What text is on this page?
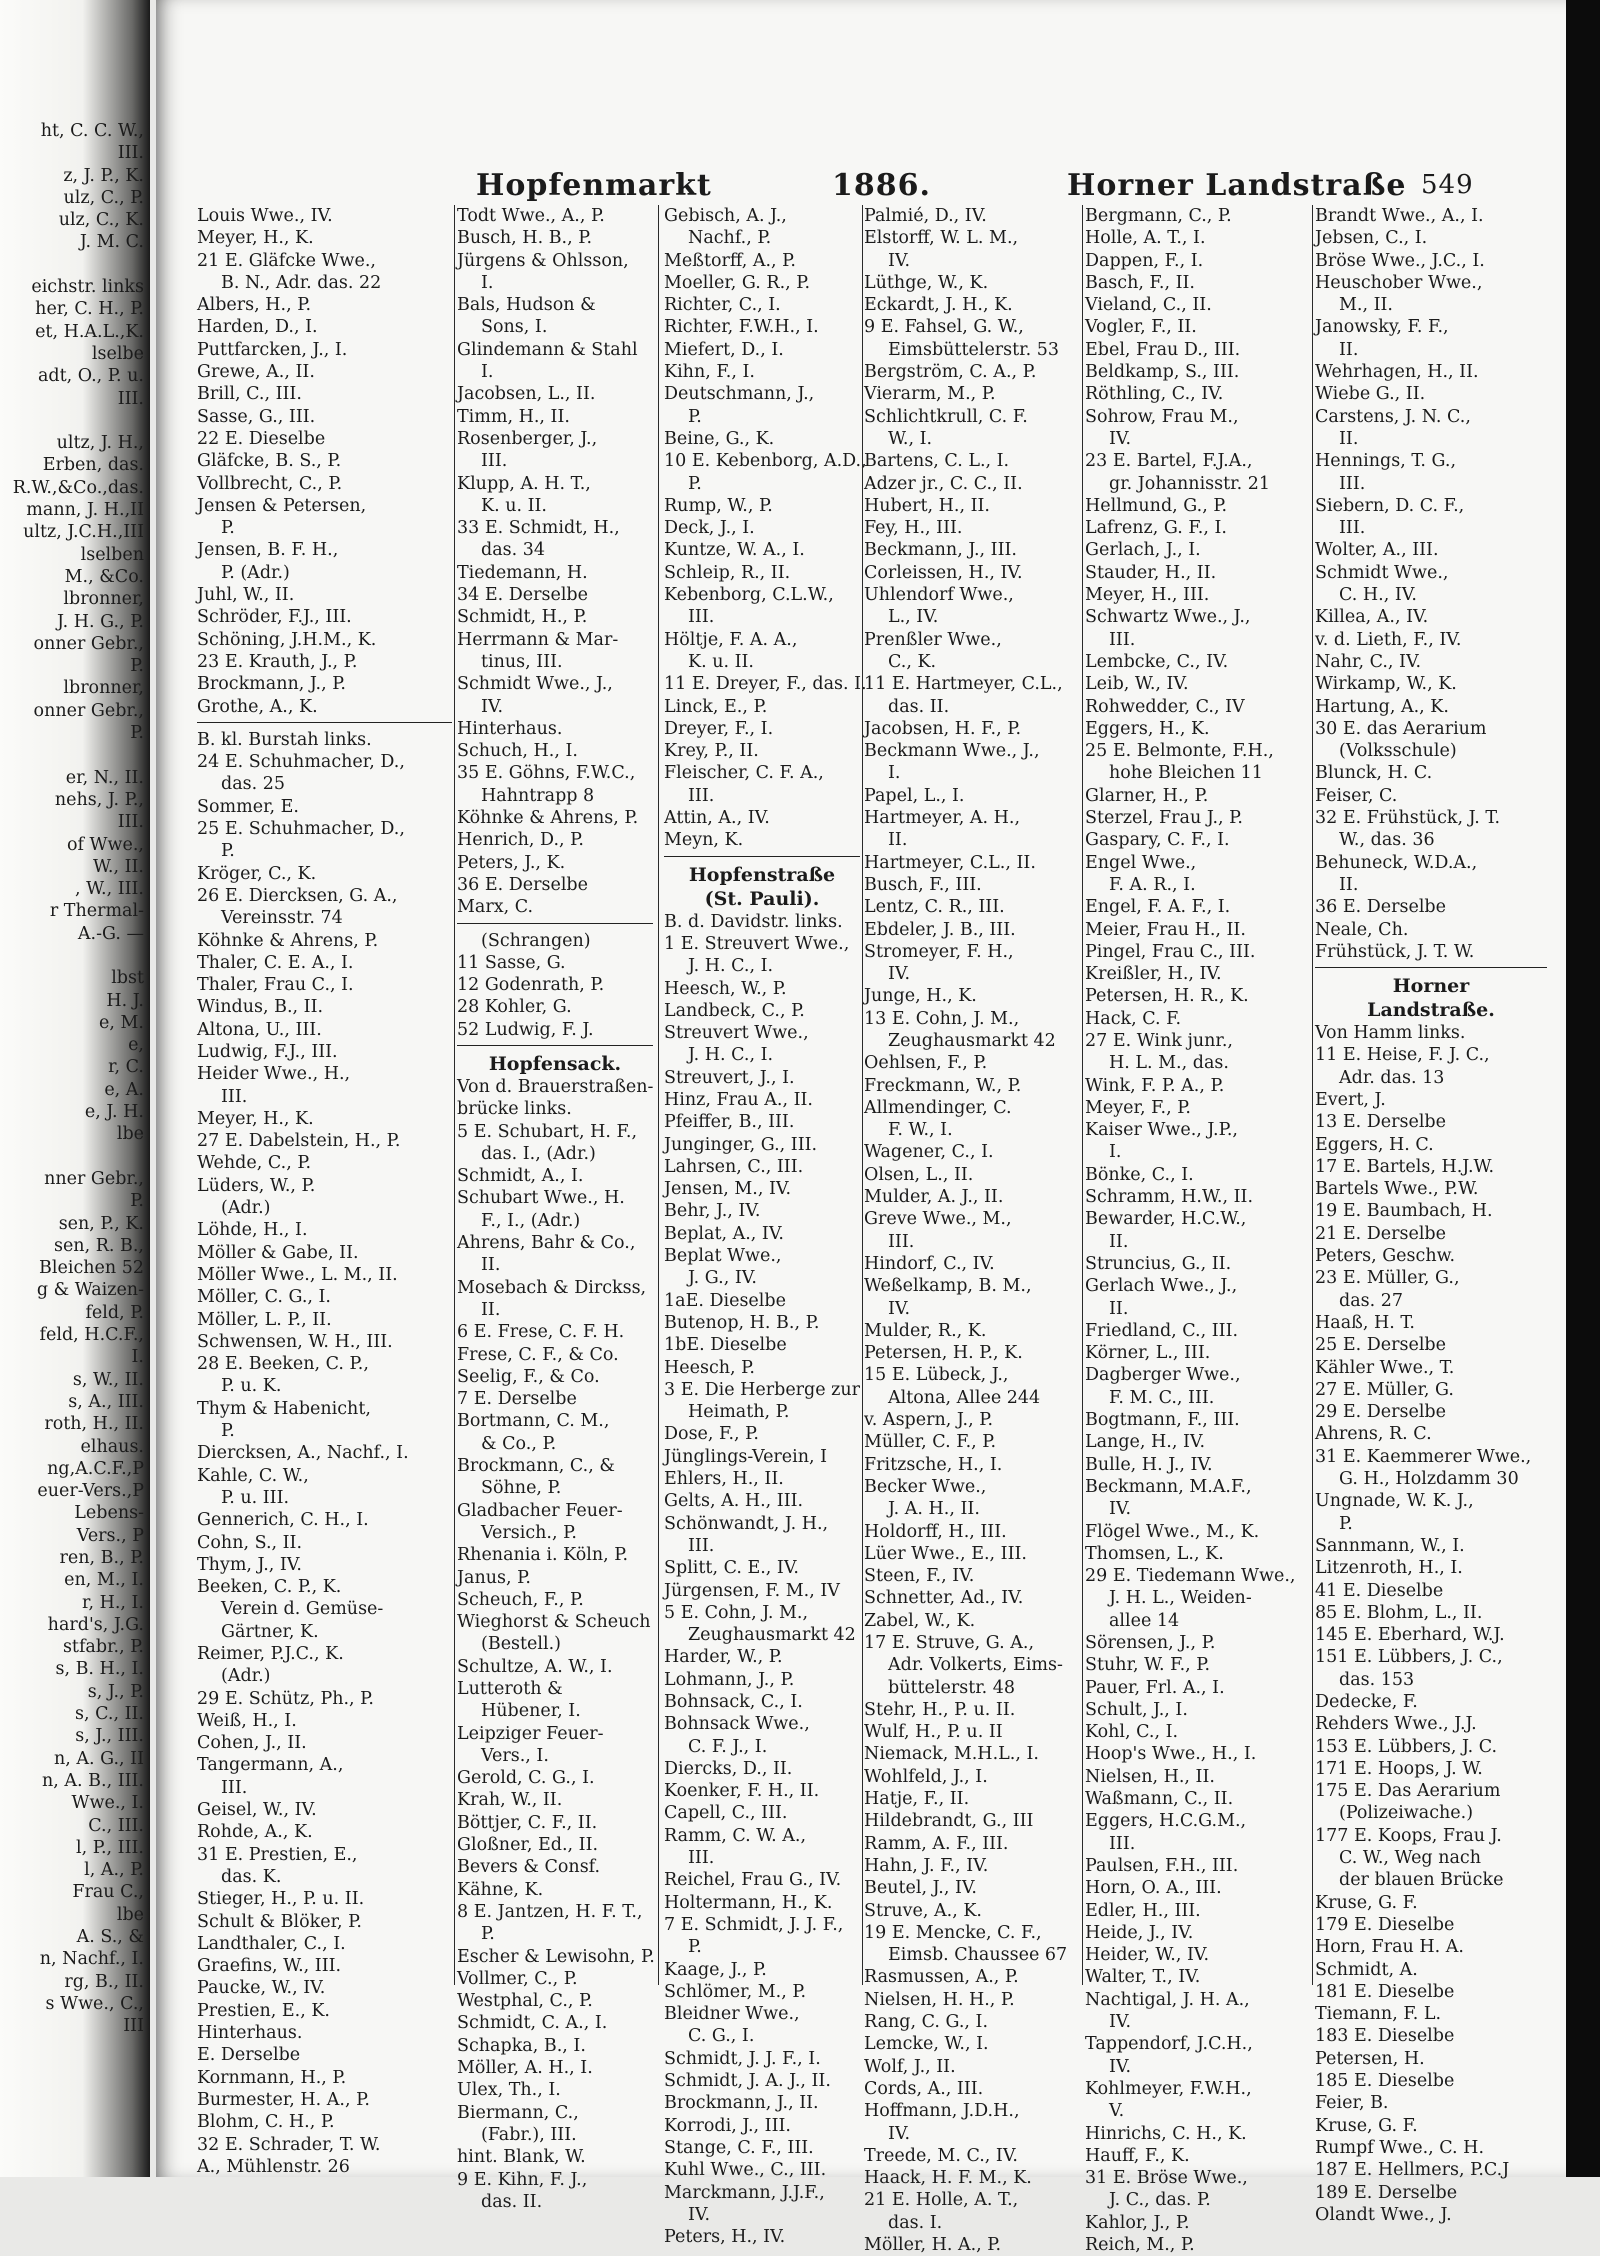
ht, C. C. W.,
III.
z, J. P., K.
ulz, C., P.
ulz, C., K.
J. M. C.

eichstr. links
her, C. H., P.
et, H.A.L.,K.
lselbe
adt, O., P. u.
III.

ultz, J. H.,
Erben, das.
R.W.,&Co.,das.
mann, J. H.,II
ultz, J.C.H.,III
lselben
M., &Co.
lbronner,
J. H. G., P.
onner Gebr.,
P.
lbronner,
onner Gebr.,
P.

er, N., II.
nehs, J. P.,
III.
of Wwe.,
W., II.
, W., III.
r Thermal-
A.-G. —

lbst
H. J.
e, M.
e,
r, C.
e, A.
e, J. H.
lbe

nner Gebr.,
P.
sen, P., K.
sen, R. B.,
Bleichen 52
g & Waizen-
feld, P.
feld, H.C.F.,
I.
s, W., II.
s, A., III.
roth, H., II.
elhaus.
ng,A.C.F.,P
euer-Vers.,P
Lebens-
Vers., P
ren, B., P.
en, M., I.
r, H., I.
hard's, J.G.
stfabr., P.
s, B. H., I.
s, J., P.
s, C., II.
s, J., III.
n, A. G., II
n, A. B., III.
Wwe., I.
C., III.
l, P., III.
l, A., P.
Frau C.,
lbe
A. S., &
n, Nachf., I.
rg, B., II.
s Wwe., C.,
III
Hopfenmarkt	1886.	Horner Landstraße 549
Louis Wwe., IV.
Meyer, H., K.
21 E. Gläfcke Wwe.,
B. N., Adr. das. 22
Albers, H., P.
Harden, D., I.
Puttfarcken, J., I.
Grewe, A., II.
Brill, C., III.
Sasse, G., III.
22 E. Dieselbe
Gläfcke, B. S., P.
Vollbrecht, C., P.
Jensen & Petersen,
P.
Jensen, B. F. H.,
P. (Adr.)
Juhl, W., II.
Schröder, F.J., III.
Schöning, J.H.M., K.
23 E. Krauth, J., P.
Brockmann, J., P.
Grothe, A., K.
B. kl. Burstah links.
24 E. Schuhmacher, D.,
das. 25
Sommer, E.
25 E. Schuhmacher, D.,
P.
Kröger, C., K.
26 E. Diercksen, G. A.,
Vereinsstr. 74
Köhnke & Ahrens, P.
Thaler, C. E. A., I.
Thaler, Frau C., I.
Windus, B., II.
Altona, U., III.
Ludwig, F.J., III.
Heider Wwe., H.,
III.
Meyer, H., K.
27 E. Dabelstein, H., P.
Wehde, C., P.
Lüders, W., P.
(Adr.)
Löhde, H., I.
Möller & Gabe, II.
Möller Wwe., L. M., II.
Möller, C. G., I.
Möller, L. P., II.
Schwensen, W. H., III.
28 E. Beeken, C. P.,
P. u. K.
Thym & Habenicht,
P.
Diercksen, A., Nachf., I.
Kahle, C. W.,
P. u. III.
Gennerich, C. H., I.
Cohn, S., II.
Thym, J., IV.
Beeken, C. P., K.
Verein d. Gemüse-
Gärtner, K.
Reimer, P.J.C., K.
(Adr.)
29 E. Schütz, Ph., P.
Weiß, H., I.
Cohen, J., II.
Tangermann, A.,
III.
Geisel, W., IV.
Rohde, A., K.
31 E. Prestien, E.,
das. K.
Stieger, H., P. u. II.
Schult & Blöker, P.
Landthaler, C., I.
Graefins, W., III.
Paucke, W., IV.
Prestien, E., K.
Hinterhaus.
E. Derselbe
Kornmann, H., P.
Burmester, H. A., P.
Blohm, C. H., P.
32 E. Schrader, T. W.
A., Mühlenstr. 26
Todt Wwe., A., P.
Busch, H. B., P.
Jürgens & Ohlsson,
I.
Bals, Hudson &
Sons, I.
Glindemann & Stahl
I.
Jacobsen, L., II.
Timm, H., II.
Rosenberger, J.,
III.
Klupp, A. H. T.,
K. u. II.
33 E. Schmidt, H.,
das. 34
Tiedemann, H.
34 E. Derselbe
Schmidt, H., P.
Herrmann & Mar-
tinus, III.
Schmidt Wwe., J.,
IV.
Hinterhaus.
Schuch, H., I.
35 E. Göhns, F.W.C.,
Hahntrapp 8
Köhnke & Ahrens, P.
Henrich, D., P.
Peters, J., K.
36 E. Derselbe
Marx, C.
(Schrangen)
11 Sasse, G.
12 Godenrath, P.
28 Kohler, G.
52 Ludwig, F. J.
Hopfensack.
Von d. Brauerstraßen-
brücke links.
5 E. Schubart, H. F.,
das. I., (Adr.)
Schmidt, A., I.
Schubart Wwe., H.
F., I., (Adr.)
Ahrens, Bahr & Co.,
II.
Mosebach & Dirckss,
II.
6 E. Frese, C. F. H.
Frese, C. F., & Co.
Seelig, F., & Co.
7 E. Derselbe
Bortmann, C. M.,
& Co., P.
Brockmann, C., &
Söhne, P.
Gladbacher Feuer-
Versich., P.
Rhenania i. Köln, P.
Janus, P.
Scheuch, F., P.
Wieghorst & Scheuch
(Bestell.)
Schultze, A. W., I.
Lutteroth &
Hübener, I.
Leipziger Feuer-
Vers., I.
Gerold, C. G., I.
Krah, W., II.
Böttjer, C. F., II.
Gloßner, Ed., II.
Bevers & Consf.
Kähne, K.
8 E. Jantzen, H. F. T.,
P.
Escher & Lewisohn, P.
Vollmer, C., P.
Westphal, C., P.
Schmidt, C. A., I.
Schapka, B., I.
Möller, A. H., I.
Ulex, Th., I.
Biermann, C.,
(Fabr.), III.
hint. Blank, W.
9 E. Kihn, F. J.,
das. II.
Gebisch, A. J.,
Nachf., P.
Meßtorff, A., P.
Moeller, G. R., P.
Richter, C., I.
Richter, F.W.H., I.
Miefert, D., I.
Kihn, F., I.
Deutschmann, J.,
P.
Beine, G., K.
10 E. Kebenborg, A.D.,
P.
Rump, W., P.
Deck, J., I.
Kuntze, W. A., I.
Schleip, R., II.
Kebenborg, C.L.W.,
III.
Höltje, F. A. A.,
K. u. II.
11 E. Dreyer, F., das. I.
Linck, E., P.
Dreyer, F., I.
Krey, P., II.
Fleischer, C. F. A.,
III.
Attin, A., IV.
Meyn, K.
Hopfenstraße
(St. Pauli).
B. d. Davidstr. links.
1 E. Streuvert Wwe.,
J. H. C., I.
Heesch, W., P.
Landbeck, C., P.
Streuvert Wwe.,
J. H. C., I.
Streuvert, J., I.
Hinz, Frau A., II.
Pfeiffer, B., III.
Junginger, G., III.
Lahrsen, C., III.
Jensen, M., IV.
Behr, J., IV.
Beplat, A., IV.
Beplat Wwe.,
J. G., IV.
1aE. Dieselbe
Butenop, H. B., P.
1bE. Dieselbe
Heesch, P.
3 E. Die Herberge zur
Heimath, P.
Dose, F., P.
Jünglings-Verein, I
Ehlers, H., II.
Gelts, A. H., III.
Schönwandt, J. H.,
III.
Splitt, C. E., IV.
Jürgensen, F. M., IV
5 E. Cohn, J. M.,
Zeughausmarkt 42
Harder, W., P.
Lohmann, J., P.
Bohnsack, C., I.
Bohnsack Wwe.,
C. F. J., I.
Diercks, D., II.
Koenker, F. H., II.
Capell, C., III.
Ramm, C. W. A.,
III.
Reichel, Frau G., IV.
Holtermann, H., K.
7 E. Schmidt, J. J. F.,
P.
Kaage, J., P.
Schlömer, M., P.
Bleidner Wwe.,
C. G., I.
Schmidt, J. J. F., I.
Schmidt, J. A. J., II.
Brockmann, J., II.
Korrodi, J., III.
Stange, C. F., III.
Kuhl Wwe., C., III.
Marckmann, J.J.F.,
IV.
Peters, H., IV.
Palmié, D., IV.
Elstorff, W. L. M.,
IV.
Lüthge, W., K.
Eckardt, J. H., K.
9 E. Fahsel, G. W.,
Eimsbüttelerstr. 53
Bergström, C. A., P.
Vierarm, M., P.
Schlichtkrull, C. F.
W., I.
Bartens, C. L., I.
Adzer jr., C. C., II.
Hubert, H., II.
Fey, H., III.
Beckmann, J., III.
Corleissen, H., IV.
Uhlendorf Wwe.,
L., IV.
Prenßler Wwe.,
C., K.
11 E. Hartmeyer, C.L.,
das. II.
Jacobsen, H. F., P.
Beckmann Wwe., J.,
I.
Papel, L., I.
Hartmeyer, A. H.,
II.
Hartmeyer, C.L., II.
Busch, F., III.
Lentz, C. R., III.
Ebdeler, J. B., III.
Stromeyer, F. H.,
IV.
Junge, H., K.
13 E. Cohn, J. M.,
Zeughausmarkt 42
Oehlsen, F., P.
Freckmann, W., P.
Allmendinger, C.
F. W., I.
Wagener, C., I.
Olsen, L., II.
Mulder, A. J., II.
Greve Wwe., M.,
III.
Hindorf, C., IV.
Weßelkamp, B. M.,
IV.
Mulder, R., K.
Petersen, H. P., K.
15 E. Lübeck, J.,
Altona, Allee 244
v. Aspern, J., P.
Müller, C. F., P.
Fritzsche, H., I.
Becker Wwe.,
J. A. H., II.
Holdorff, H., III.
Lüer Wwe., E., III.
Steen, F., IV.
Schnetter, Ad., IV.
Zabel, W., K.
17 E. Struve, G. A.,
Adr. Volkerts, Eims-
büttelerstr. 48
Stehr, H., P. u. II.
Wulf, H., P. u. II
Niemack, M.H.L., I.
Wohlfeld, J., I.
Hatje, F., II.
Hildebrandt, G., III
Ramm, A. F., III.
Hahn, J. F., IV.
Beutel, J., IV.
Struve, A., K.
19 E. Mencke, C. F.,
Eimsb. Chaussee 67
Rasmussen, A., P.
Nielsen, H. H., P.
Rang, C. G., I.
Lemcke, W., I.
Wolf, J., II.
Cords, A., III.
Hoffmann, J.D.H.,
IV.
Treede, M. C., IV.
Haack, H. F. M., K.
21 E. Holle, A. T.,
das. I.
Möller, H. A., P.
Bergmann, C., P.
Holle, A. T., I.
Dappen, F., I.
Basch, F., II.
Vieland, C., II.
Vogler, F., II.
Ebel, Frau D., III.
Beldkamp, S., III.
Röthling, C., IV.
Sohrow, Frau M.,
IV.
23 E. Bartel, F.J.A.,
gr. Johannisstr. 21
Hellmund, G., P.
Lafrenz, G. F., I.
Gerlach, J., I.
Stauder, H., II.
Meyer, H., III.
Schwartz Wwe., J.,
III.
Lembcke, C., IV.
Leib, W., IV.
Rohwedder, C., IV
Eggers, H., K.
25 E. Belmonte, F.H.,
hohe Bleichen 11
Glarner, H., P.
Sterzel, Frau J., P.
Gaspary, C. F., I.
Engel Wwe.,
F. A. R., I.
Engel, F. A. F., I.
Meier, Frau H., II.
Pingel, Frau C., III.
Kreißler, H., IV.
Petersen, H. R., K.
Hack, C. F.
27 E. Wink junr.,
H. L. M., das.
Wink, F. P. A., P.
Meyer, F., P.
Kaiser Wwe., J.P.,
I.
Bönke, C., I.
Schramm, H.W., II.
Bewarder, H.C.W.,
II.
Struncius, G., II.
Gerlach Wwe., J.,
II.
Friedland, C., III.
Körner, L., III.
Dagberger Wwe.,
F. M. C., III.
Bogtmann, F., III.
Lange, H., IV.
Bulle, H. J., IV.
Beckmann, M.A.F.,
IV.
Flögel Wwe., M., K.
Thomsen, L., K.
29 E. Tiedemann Wwe.,
J. H. L., Weiden-
allee 14
Sörensen, J., P.
Stuhr, W. F., P.
Pauer, Frl. A., I.
Schult, J., I.
Kohl, C., I.
Hoop's Wwe., H., I.
Nielsen, H., II.
Waßmann, C., II.
Eggers, H.C.G.M.,
III.
Paulsen, F.H., III.
Horn, O. A., III.
Edler, H., III.
Heide, J., IV.
Heider, W., IV.
Walter, T., IV.
Nachtigal, J. H. A.,
IV.
Tappendorf, J.C.H.,
IV.
Kohlmeyer, F.W.H.,
V.
Hinrichs, C. H., K.
Hauff, F., K.
31 E. Bröse Wwe.,
J. C., das. P.
Kahlor, J., P.
Reich, M., P.
Brandt Wwe., A., I.
Jebsen, C., I.
Bröse Wwe., J.C., I.
Heuschober Wwe.,
M., II.
Janowsky, F. F.,
II.
Wehrhagen, H., II.
Wiebe G., II.
Carstens, J. N. C.,
II.
Hennings, T. G.,
III.
Siebern, D. C. F.,
III.
Wolter, A., III.
Schmidt Wwe.,
C. H., IV.
Killea, A., IV.
v. d. Lieth, F., IV.
Nahr, C., IV.
Wirkamp, W., K.
Hartung, A., K.
30 E. das Aerarium
(Volksschule)
Blunck, H. C.
Feiser, C.
32 E. Frühstück, J. T.
W., das. 36
Behuneck, W.D.A.,
II.
36 E. Derselbe
Neale, Ch.
Frühstück, J. T. W.
Horner
Landstraße.
Von Hamm links.
11 E. Heise, F. J. C.,
Adr. das. 13
Evert, J.
13 E. Derselbe
Eggers, H. C.
17 E. Bartels, H.J.W.
Bartels Wwe., P.W.
19 E. Baumbach, H.
21 E. Derselbe
Peters, Geschw.
23 E. Müller, G.,
das. 27
Haaß, H. T.
25 E. Derselbe
Kähler Wwe., T.
27 E. Müller, G.
29 E. Derselbe
Ahrens, R. C.
31 E. Kaemmerer Wwe.,
G. H., Holzdamm 30
Ungnade, W. K. J.,
P.
Sannmann, W., I.
Litzenroth, H., I.
41 E. Dieselbe
85 E. Blohm, L., II.
145 E. Eberhard, W.J.
151 E. Lübbers, J. C.,
das. 153
Dedecke, F.
Rehders Wwe., J.J.
153 E. Lübbers, J. C.
171 E. Hoops, J. W.
175 E. Das Aerarium
(Polizeiwache.)
177 E. Koops, Frau J.
C. W., Weg nach
der blauen Brücke
Kruse, G. F.
179 E. Dieselbe
Horn, Frau H. A.
Schmidt, A.
181 E. Dieselbe
Tiemann, F. L.
183 E. Dieselbe
Petersen, H.
185 E. Dieselbe
Feier, B.
Kruse, G. F.
Rumpf Wwe., C. H.
187 E. Hellmers, P.C.J
189 E. Derselbe
Olandt Wwe., J.
